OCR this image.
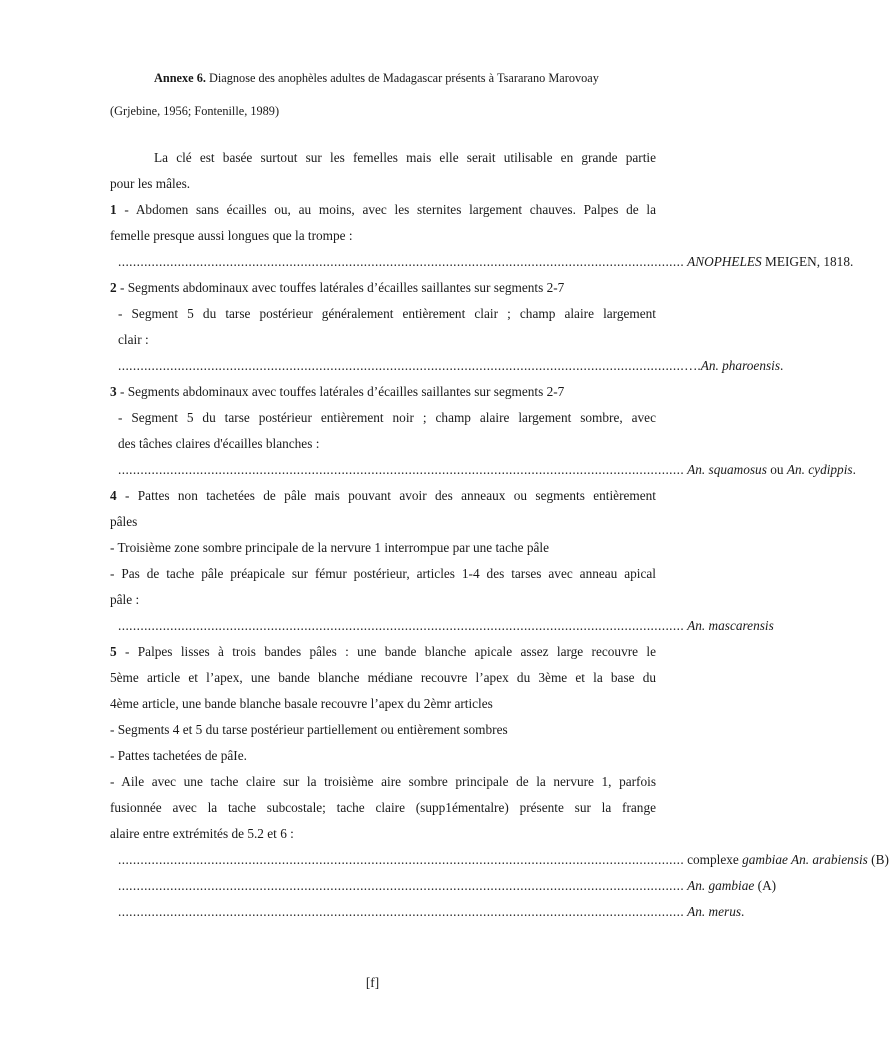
Annexe 6. Diagnose des anophèles adultes de Madagascar présents à Tsararano Marovoay
(Grjebine, 1956; Fontenille, 1989)
La clé est basée surtout sur les femelles mais elle serait utilisable en grande partie
pour les mâles.
1 - Abdomen sans écailles ou, au moins, avec les sternites largement chauves. Palpes de la
femelle presque aussi longues que la trompe :
........................................................................................................................................................ ANOPHELES MEIGEN, 1818.
2 - Segments abdominaux avec touffes latérales d’écailles saillantes sur segments 2-7
- Segment 5 du tarse postérieur généralement entièrement clair ; champ alaire largement
clair :
........................................................................................................................................................ ….An. pharoensis.
3 - Segments abdominaux avec touffes latérales d’écailles saillantes sur segments 2-7
- Segment 5 du tarse postérieur entièrement noir ; champ alaire largement sombre, avec
des tâches claires d'écailles blanches :
........................................................................................................................................................ An. squamosus ou An. cydippis.
4 - Pattes non tachetées de pâle mais pouvant avoir des anneaux ou segments entièrement
pâles
- Troisième zone sombre principale de la nervure 1 interrompue par une tache pâle
- Pas de tache pâle préapicale sur fémur postérieur, articles 1-4 des tarses avec anneau apical
pâle :
........................................................................................................................................................ An. mascarensis
5 - Palpes lisses à trois bandes pâles : une bande blanche apicale assez large recouvre le
5ème article et l’apex, une bande blanche médiane recouvre l’apex du 3ème et la base du
4ème article, une bande blanche basale recouvre l’apex du 2èmr articles
- Segments 4 et 5 du tarse postérieur partiellement ou entièrement sombres
- Pattes tachetées de pâIe.
- Aile avec une tache claire sur la troisième aire sombre principale de la nervure 1, parfois
fusionnée avec la tache subcostale; tache claire (supp1émentalre) présente sur la frange
alaire entre extrémités de 5.2 et 6 :
........................................................................................................................................................ complexe gambiae An. arabiensis (B)
........................................................................................................................................................ An. gambiae (A)
........................................................................................................................................................ An. merus.
[f]
